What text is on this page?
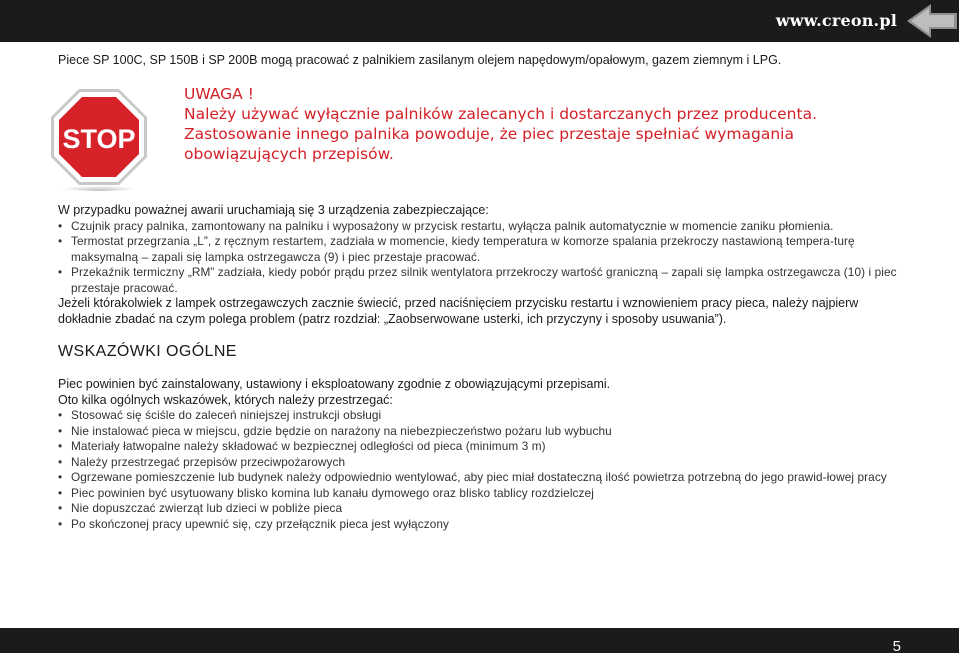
www.creon.pl
Piece SP 100C, SP 150B i SP 200B mogą pracować z palnikiem zasilanym olejem napędowym/opałowym, gazem ziemnym i LPG.
STOP
UWAGA !
Należy używać wyłącznie palników zalecanych i dostarczanych przez producenta. Zastosowanie innego palnika powoduje, że piec przestaje spełniać wymagania obowiązujących przepisów.
W przypadku poważnej awarii uruchamiają się 3 urządzenia zabezpieczające:
• Czujnik pracy palnika, zamontowany na palniku i wyposażony w przycisk restartu, wyłącza palnik automatycznie w momencie zaniku płomienia.
• Termostat przegrzania „L”, z ręcznym restartem, zadziała w momencie, kiedy temperatura w komorze spalania przekroczy nastawioną tempera-turę maksymalną – zapali się lampka ostrzegawcza (9) i piec przestaje pracować.
• Przekaźnik termiczny „RM” zadziała, kiedy pobór prądu przez silnik wentylatora prrzekroczy wartość graniczną – zapali się lampka ostrzegawcza (10) i piec przestaje pracować.
Jeżeli którakolwiek z lampek ostrzegawczych zacznie świecić, przed naciśnięciem przycisku restartu i wznowieniem pracy pieca, należy najpierw dokładnie zbadać na czym polega problem (patrz rozdział: „Zaobserwowane usterki, ich przyczyny i sposoby usuwania”).
WSKAZÓWKI OGÓLNE
Piec powinien być zainstalowany, ustawiony i eksploatowany zgodnie z obowiązującymi przepisami.
Oto kilka ogólnych wskazówek, których należy przestrzegać:
• Stosować się ściśle do zaleceń niniejszej instrukcji obsługi
• Nie instalować pieca w miejscu, gdzie będzie on narażony na niebezpieczeństwo pożaru lub wybuchu
• Materiały łatwopalne należy składować w bezpiecznej odległości od pieca (minimum 3 m)
• Należy przestrzegać przepisów przeciwpożarowych
• Ogrzewane pomieszczenie lub budynek należy odpowiednio wentylować, aby piec miał dostateczną ilość powietrza potrzebną do jego prawid-łowej pracy
• Piec powinien być usytuowany blisko komina lub kanału dymowego oraz blisko tablicy rozdzielczej
• Nie dopuszczać zwierząt lub dzieci w pobliże pieca
• Po skończonej pracy upewnić się, czy przełącznik pieca jest wyłączony
5
